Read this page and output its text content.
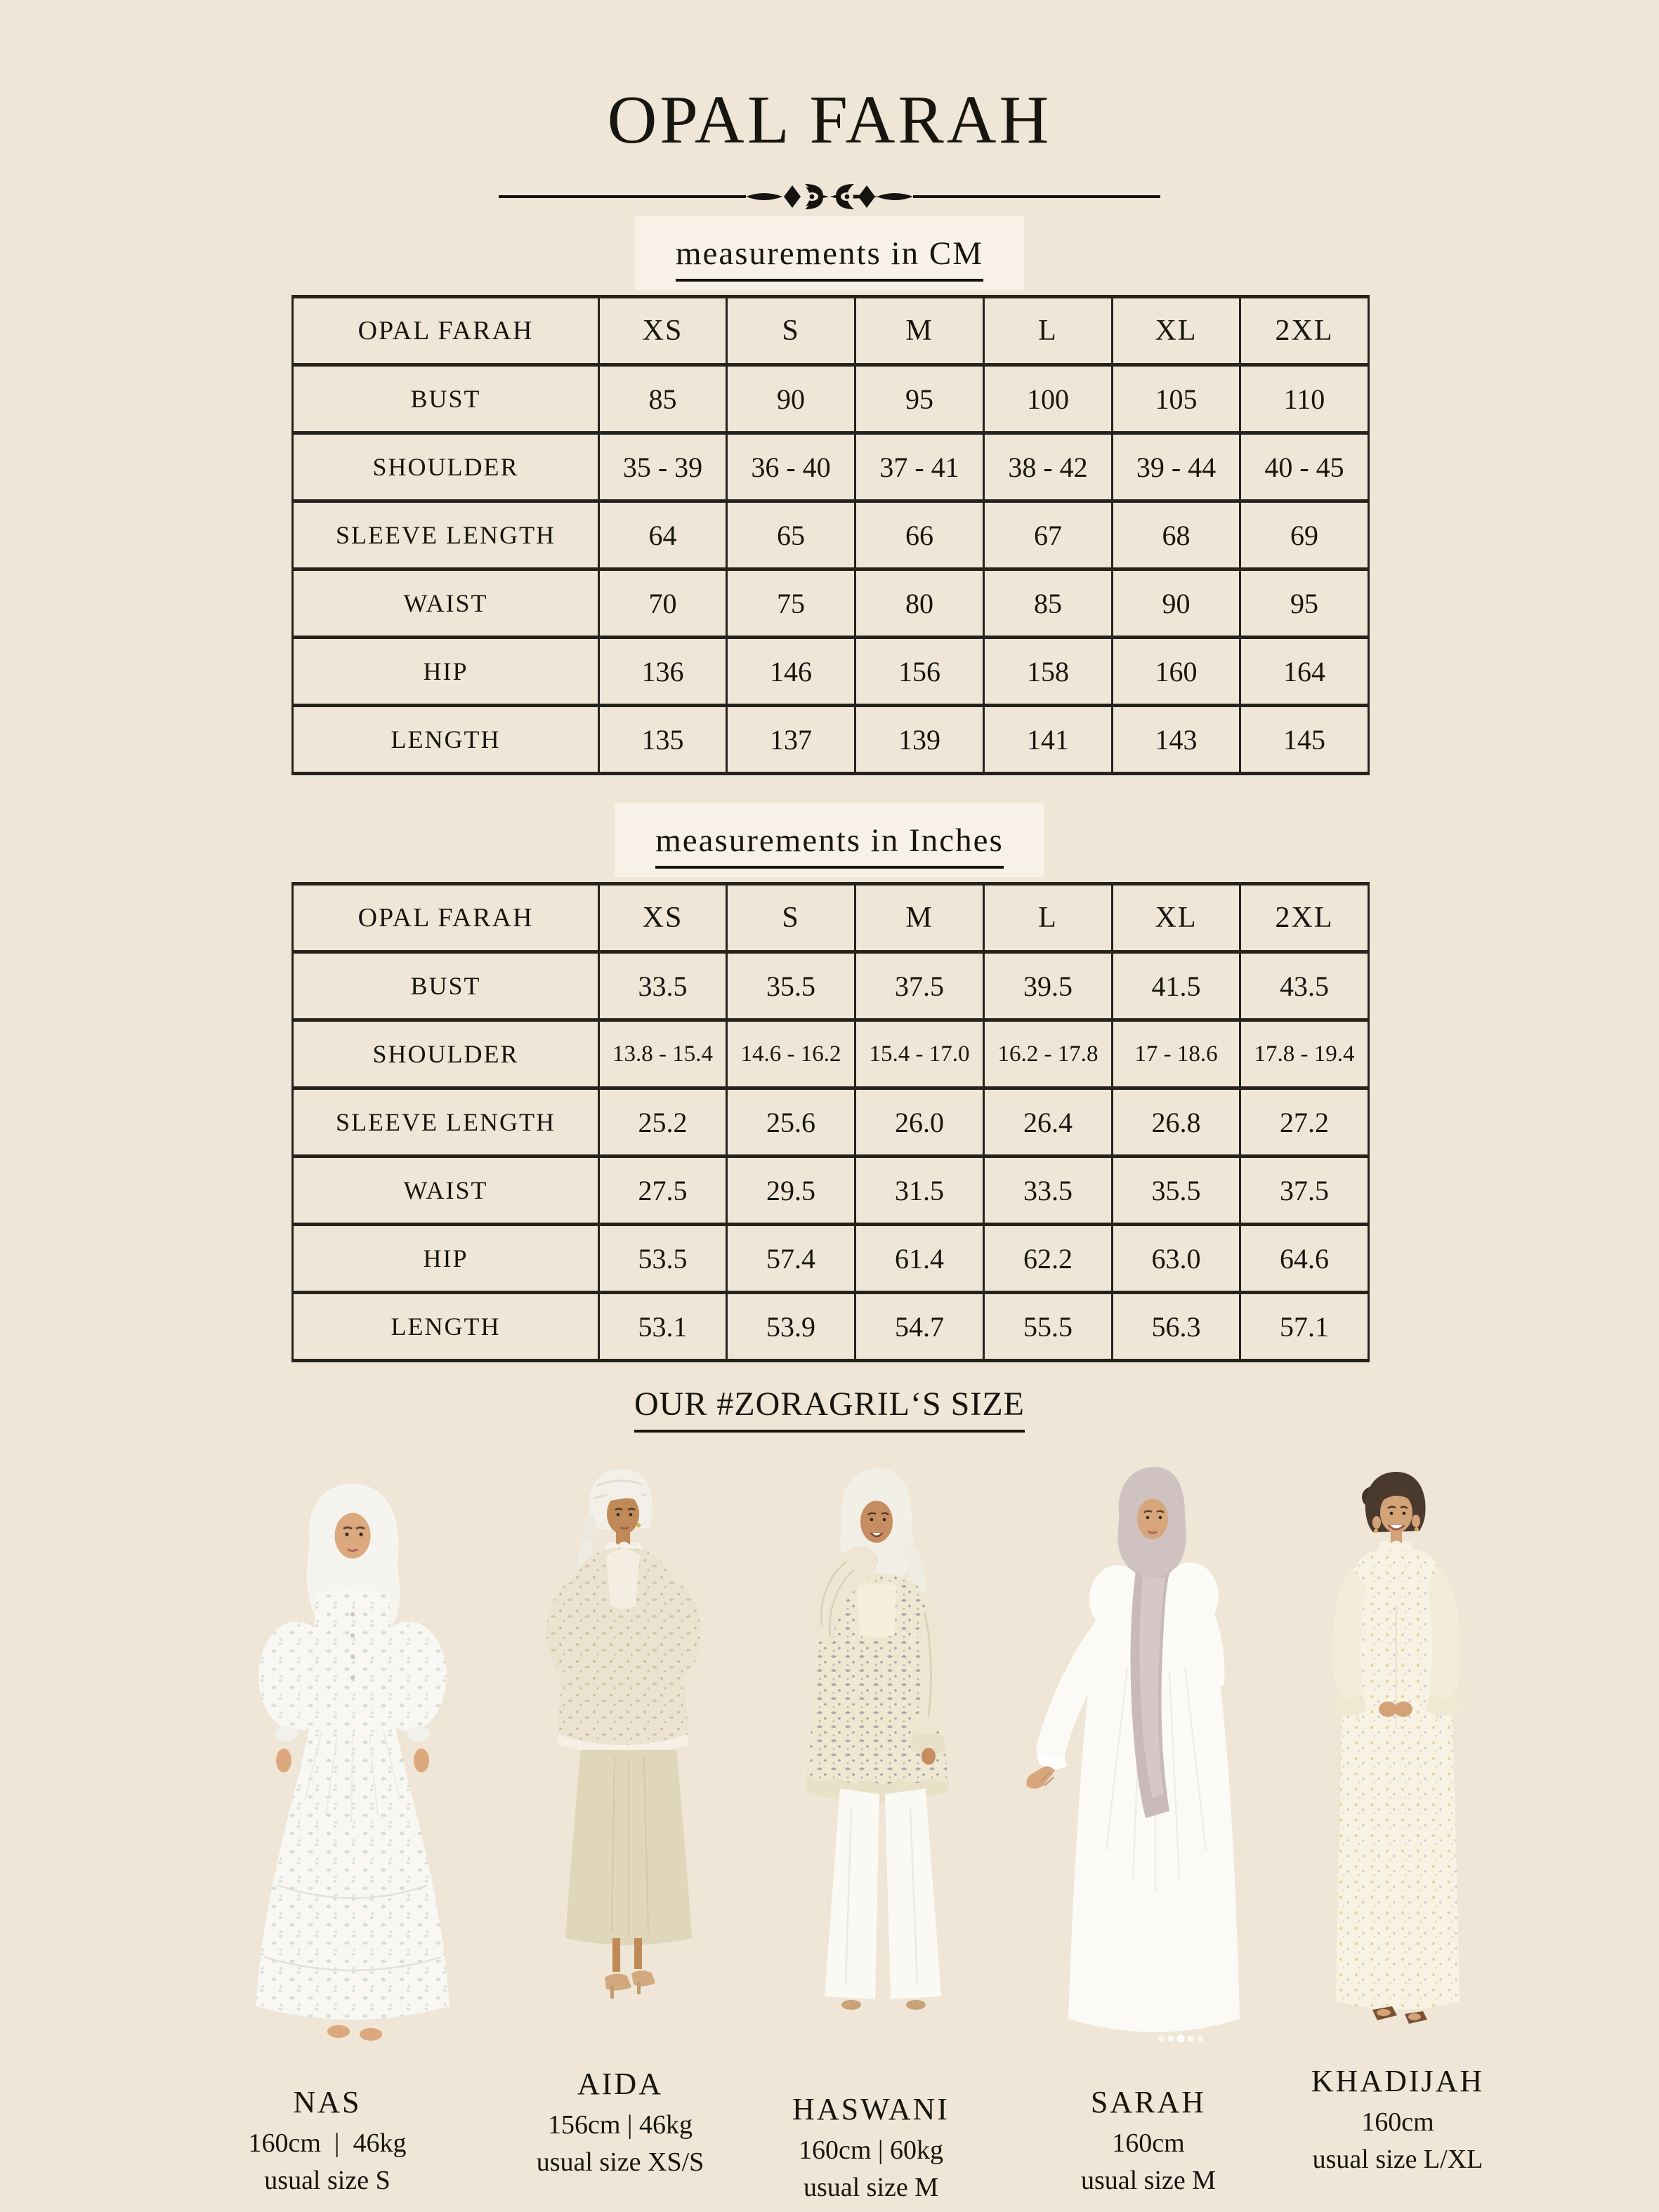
OPAL FARAH
measurements in CM
OPAL FARAH	XS	S	M	L	XL	2XL
BUST	85	90	95	100	105	110
SHOULDER	35 - 39	36 - 40	37 - 41	38 - 42	39 - 44	40 - 45
SLEEVE LENGTH	64	65	66	67	68	69
WAIST	70	75	80	85	90	95
HIP	136	146	156	158	160	164
LENGTH	135	137	139	141	143	145
measurements in Inches
OPAL FARAH	XS	S	M	L	XL	2XL
BUST	33.5	35.5	37.5	39.5	41.5	43.5
SHOULDER	13.8 - 15.4	14.6 - 16.2	15.4 - 17.0	16.2 - 17.8	17 - 18.6	17.8 - 19.4
SLEEVE LENGTH	25.2	25.6	26.0	26.4	26.8	27.2
WAIST	27.5	29.5	31.5	33.5	35.5	37.5
HIP	53.5	57.4	61.4	62.2	63.0	64.6
LENGTH	53.1	53.9	54.7	55.5	56.3	57.1
OUR #ZORAGRIL‘S SIZE
NAS
160cm  |  46kg
usual size S
AIDA
156cm | 46kg
usual size XS/S
HASWANI
160cm | 60kg
usual size M
SARAH
160cm
usual size M
KHADIJAH
160cm
usual size L/XL
